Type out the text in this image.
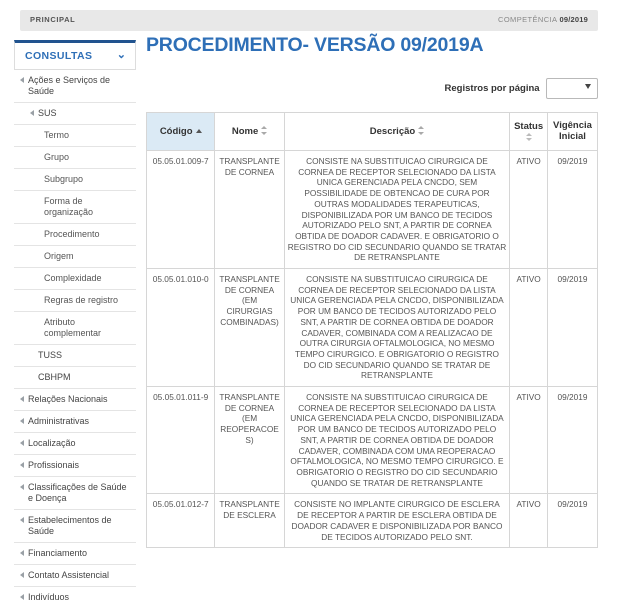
PRINCIPAL	COMPETÊNCIA 09/2019
CONSULTAS ⌄
Ações e Serviços de Saúde
SUS
Termo
Grupo
Subgrupo
Forma de organização
Procedimento
Origem
Complexidade
Regras de registro
Atributo complementar
TUSS
CBHPM
Relações Nacionais
Administrativas
Localização
Profissionais
Classificações de Saúde e Doença
Estabelecimentos de Saúde
Financiamento
Contato Assistencial
Indivíduos
PROCEDIMENTO- VERSÃO 09/2019A
Registros por página
Código	Nome	Descrição	Status	Vigência Inicial
05.05.01.009-7	TRANSPLANTE DE CORNEA	CONSISTE NA SUBSTITUICAO CIRURGICA DE CORNEA DE RECEPTOR SELECIONADO DA LISTA UNICA GERENCIADA PELA CNCDO, SEM POSSIBILIDADE DE OBTENCAO DE CURA POR OUTRAS MODALIDADES TERAPEUTICAS, DISPONIBILIZADA POR UM BANCO DE TECIDOS AUTORIZADO PELO SNT, A PARTIR DE CORNEA OBTIDA DE DOADOR CADAVER. E OBRIGATORIO O REGISTRO DO CID SECUNDARIO QUANDO SE TRATAR DE RETRANSPLANTE	ATIVO	09/2019
05.05.01.010-0	TRANSPLANTE DE CORNEA (EM CIRURGIAS COMBINADAS)	CONSISTE NA SUBSTITUICAO CIRURGICA DE CORNEA DE RECEPTOR SELECIONADO DA LISTA UNICA GERENCIADA PELA CNCDO, DISPONIBILIZADA POR UM BANCO DE TECIDOS AUTORIZADO PELO SNT, A PARTIR DE CORNEA OBTIDA DE DOADOR CADAVER, COMBINADA COM A REALIZACAO DE OUTRA CIRURGIA OFTALMOLOGICA, NO MESMO TEMPO CIRURGICO. E OBRIGATORIO O REGISTRO DO CID SECUNDARIO QUANDO SE TRATAR DE RETRANSPLANTE	ATIVO	09/2019
05.05.01.011-9	TRANSPLANTE DE CORNEA (EM REOPERACOES)	CONSISTE NA SUBSTITUICAO CIRURGICA DE CORNEA DE RECEPTOR SELECIONADO DA LISTA UNICA GERENCIADA PELA CNCDO, DISPONIBILIZADA POR UM BANCO DE TECIDOS AUTORIZADO PELO SNT, A PARTIR DE CORNEA OBTIDA DE DOADOR CADAVER, COMBINADA COM UMA REOPERACAO OFTALMOLOGICA, NO MESMO TEMPO CIRURGICO. E OBRIGATORIO O REGISTRO DO CID SECUNDARIO QUANDO SE TRATAR DE RETRANSPLANTE	ATIVO	09/2019
05.05.01.012-7	TRANSPLANTE DE ESCLERA	CONSISTE NO IMPLANTE CIRURGICO DE ESCLERA DE RECEPTOR A PARTIR DE ESCLERA OBTIDA DE DOADOR CADAVER E DISPONIBILIZADA POR BANCO DE TECIDOS AUTORIZADO PELO SNT.	ATIVO	09/2019
